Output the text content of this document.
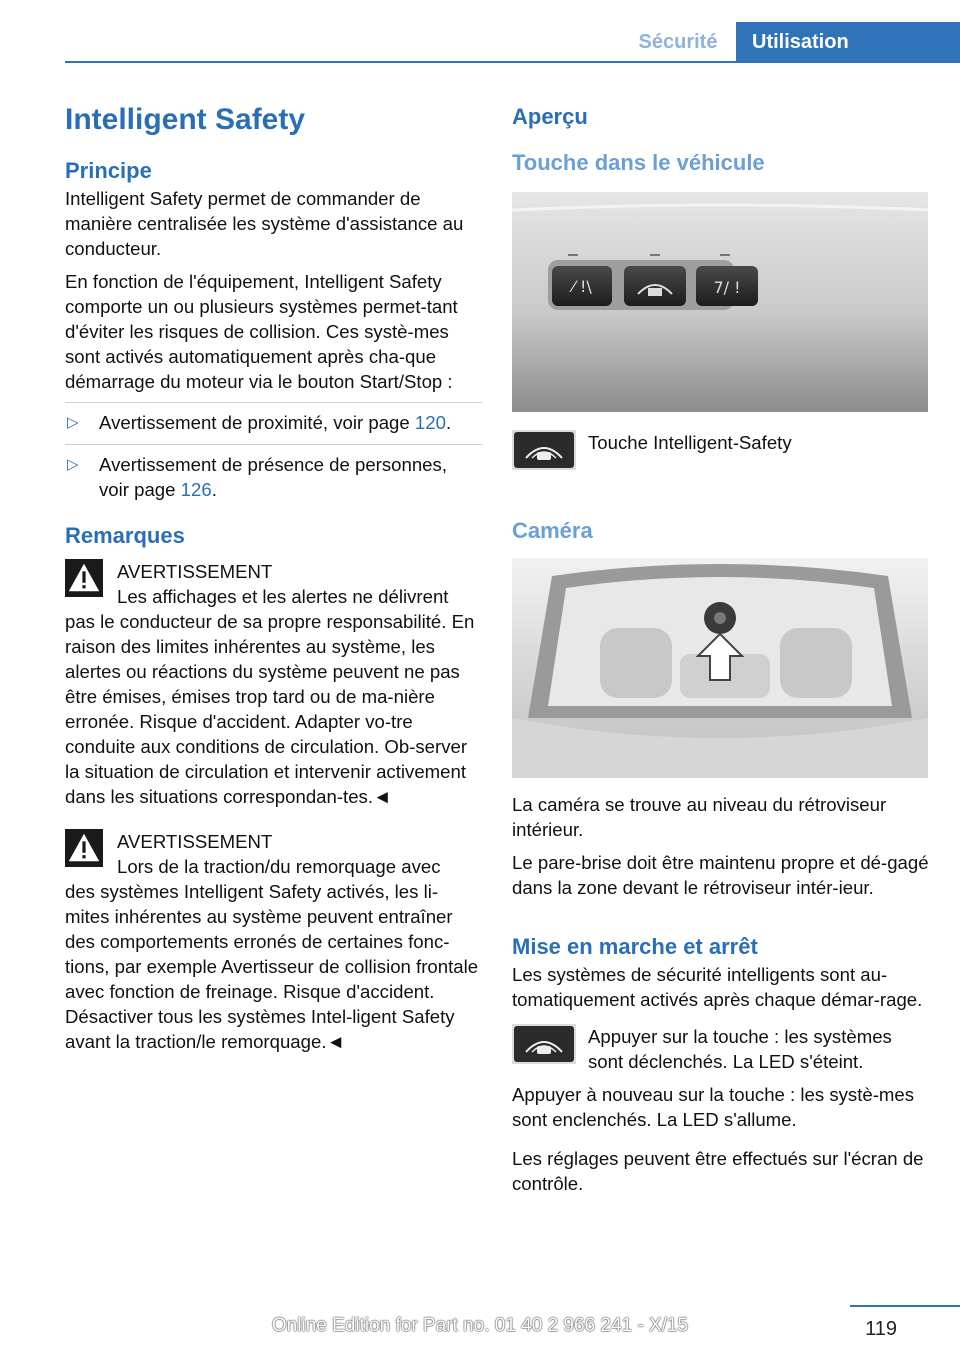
Sécurité	Utilisation
Intelligent Safety
Principe

Intelligent Safety permet de commander de manière centralisée les système d'assistance au conducteur.

En fonction de l'équipement, Intelligent Safety comporte un ou plusieurs systèmes permet-tant d'éviter les risques de collision. Ces systè-mes sont activés automatiquement après cha-que démarrage du moteur via le bouton Start/Stop :

▷ Avertissement de proximité, voir page 120.
▷ Avertissement de présence de personnes, voir page 126.
Remarques
AVERTISSEMENT
Les affichages et les alertes ne délivrent

pas le conducteur de sa propre responsabilité. En raison des limites inhérentes au système, les alertes ou réactions du système peuvent ne pas être émises, émises trop tard ou de ma-nière erronée. Risque d'accident. Adapter vo-tre conduite aux conditions de circulation. Ob-server la situation de circulation et intervenir activement dans les situations correspondan-tes.◄

AVERTISSEMENT
Lors de la traction/du remorquage avec

des systèmes Intelligent Safety activés, les li-mites inhérentes au système peuvent entraîner des comportements erronés de certaines fonc-tions, par exemple Avertisseur de collision frontale avec fonction de freinage. Risque d'accident. Désactiver tous les systèmes Intel-ligent Safety avant la traction/le remorquage.◄

Aperçu
Touche dans le véhicule
⁄ !\	7/ !

Touche Intelligent-Safety

Caméra

La caméra se trouve au niveau du rétroviseur intérieur.

Le pare-brise doit être maintenu propre et dé-gagé dans la zone devant le rétroviseur intér-ieur.

Mise en marche et arrêt

Les systèmes de sécurité intelligents sont au-tomatiquement activés après chaque démar-rage.

Appuyer sur la touche : les systèmes sont déclenchés. La LED s'éteint.

Appuyer à nouveau sur la touche : les systè-mes sont enclenchés. La LED s'allume.

Les réglages peuvent être effectués sur l'écran de contrôle.

119
Online Edition for Part no. 01 40 2 966 241 - X/15
